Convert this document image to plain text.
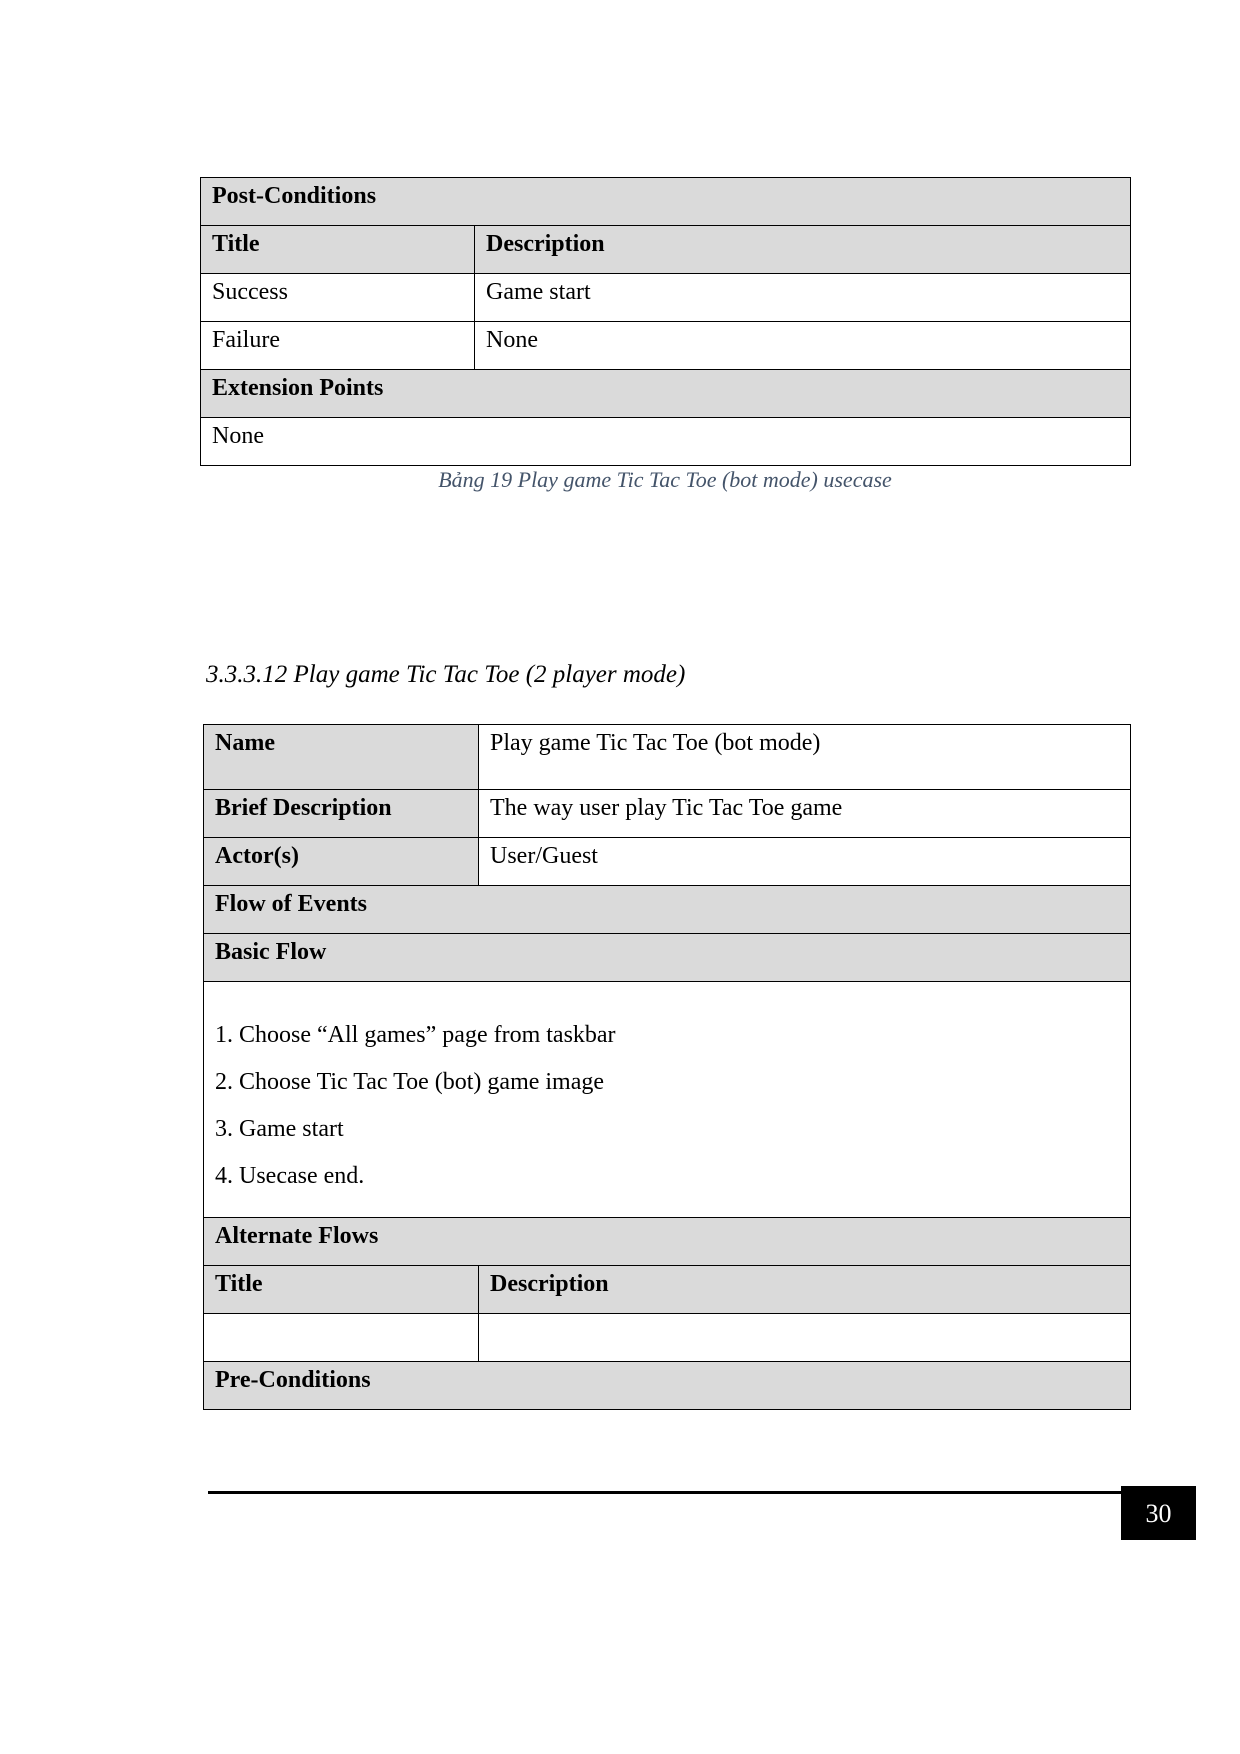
Post-Conditions	
Title	Description
Success	Game start
Failure	None
Extension Points	
None	
Bảng 19 Play game Tic Tac Toe (bot mode) usecase
3.3.3.12 Play game Tic Tac Toe (2 player mode)
Name	Play game Tic Tac Toe (bot mode)
Brief Description	The way user play Tic Tac Toe game
Actor(s)	User/Guest
Flow of Events	
Basic Flow	

1. Choose “All games” page from taskbar

2. Choose Tic Tac Toe (bot) game image

3. Game start

4. Usecase end.	

Alternate Flows	
Title	Description

Pre-Conditions	
30
